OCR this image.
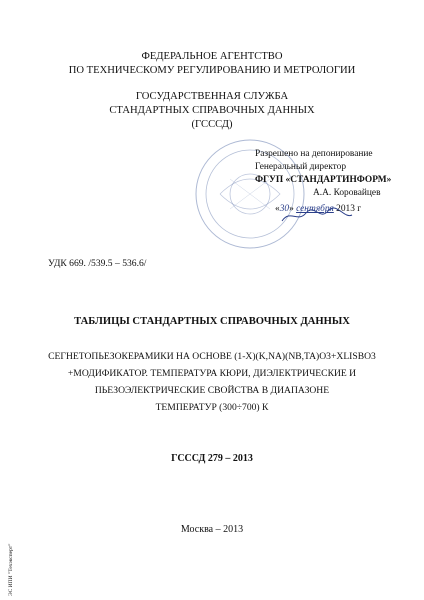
ФЕДЕРАЛЬНОЕ АГЕНТСТВО
ПО ТЕХНИЧЕСКОМУ РЕГУЛИРОВАНИЮ И МЕТРОЛОГИИ
ГОСУДАРСТВЕННАЯ СЛУЖБА
СТАНДАРТНЫХ СПРАВОЧНЫХ ДАННЫХ
(ГСССД)
Разрешено на депонирование
Генеральный директор
ФГУП «СТАНДАРТИНФОРМ»
А.А. Коровайцев
«30» сентября 2013 г
УДК 669. /539.5 – 536.6/
ТАБЛИЦЫ СТАНДАРТНЫХ СПРАВОЧНЫХ ДАННЫХ
СЕГНЕТОПЬЕЗОКЕРАМИКИ НА ОСНОВЕ (1-X)(K,NA)(NB,TA)O3+XLISBO3
+МОДИФИКАТОР. ТЕМПЕРАТУРА КЮРИ, ДИЭЛЕКТРИЧЕСКИЕ И
ПЬЕЗОЭЛЕКТРИЧЕСКИЕ СВОЙСТВА В ДИАПАЗОНЕ
ТЕМПЕРАТУР (300÷700) К
ГСССД 279 – 2013
Москва – 2013
ЭС ИПИ "Техэксперт"
